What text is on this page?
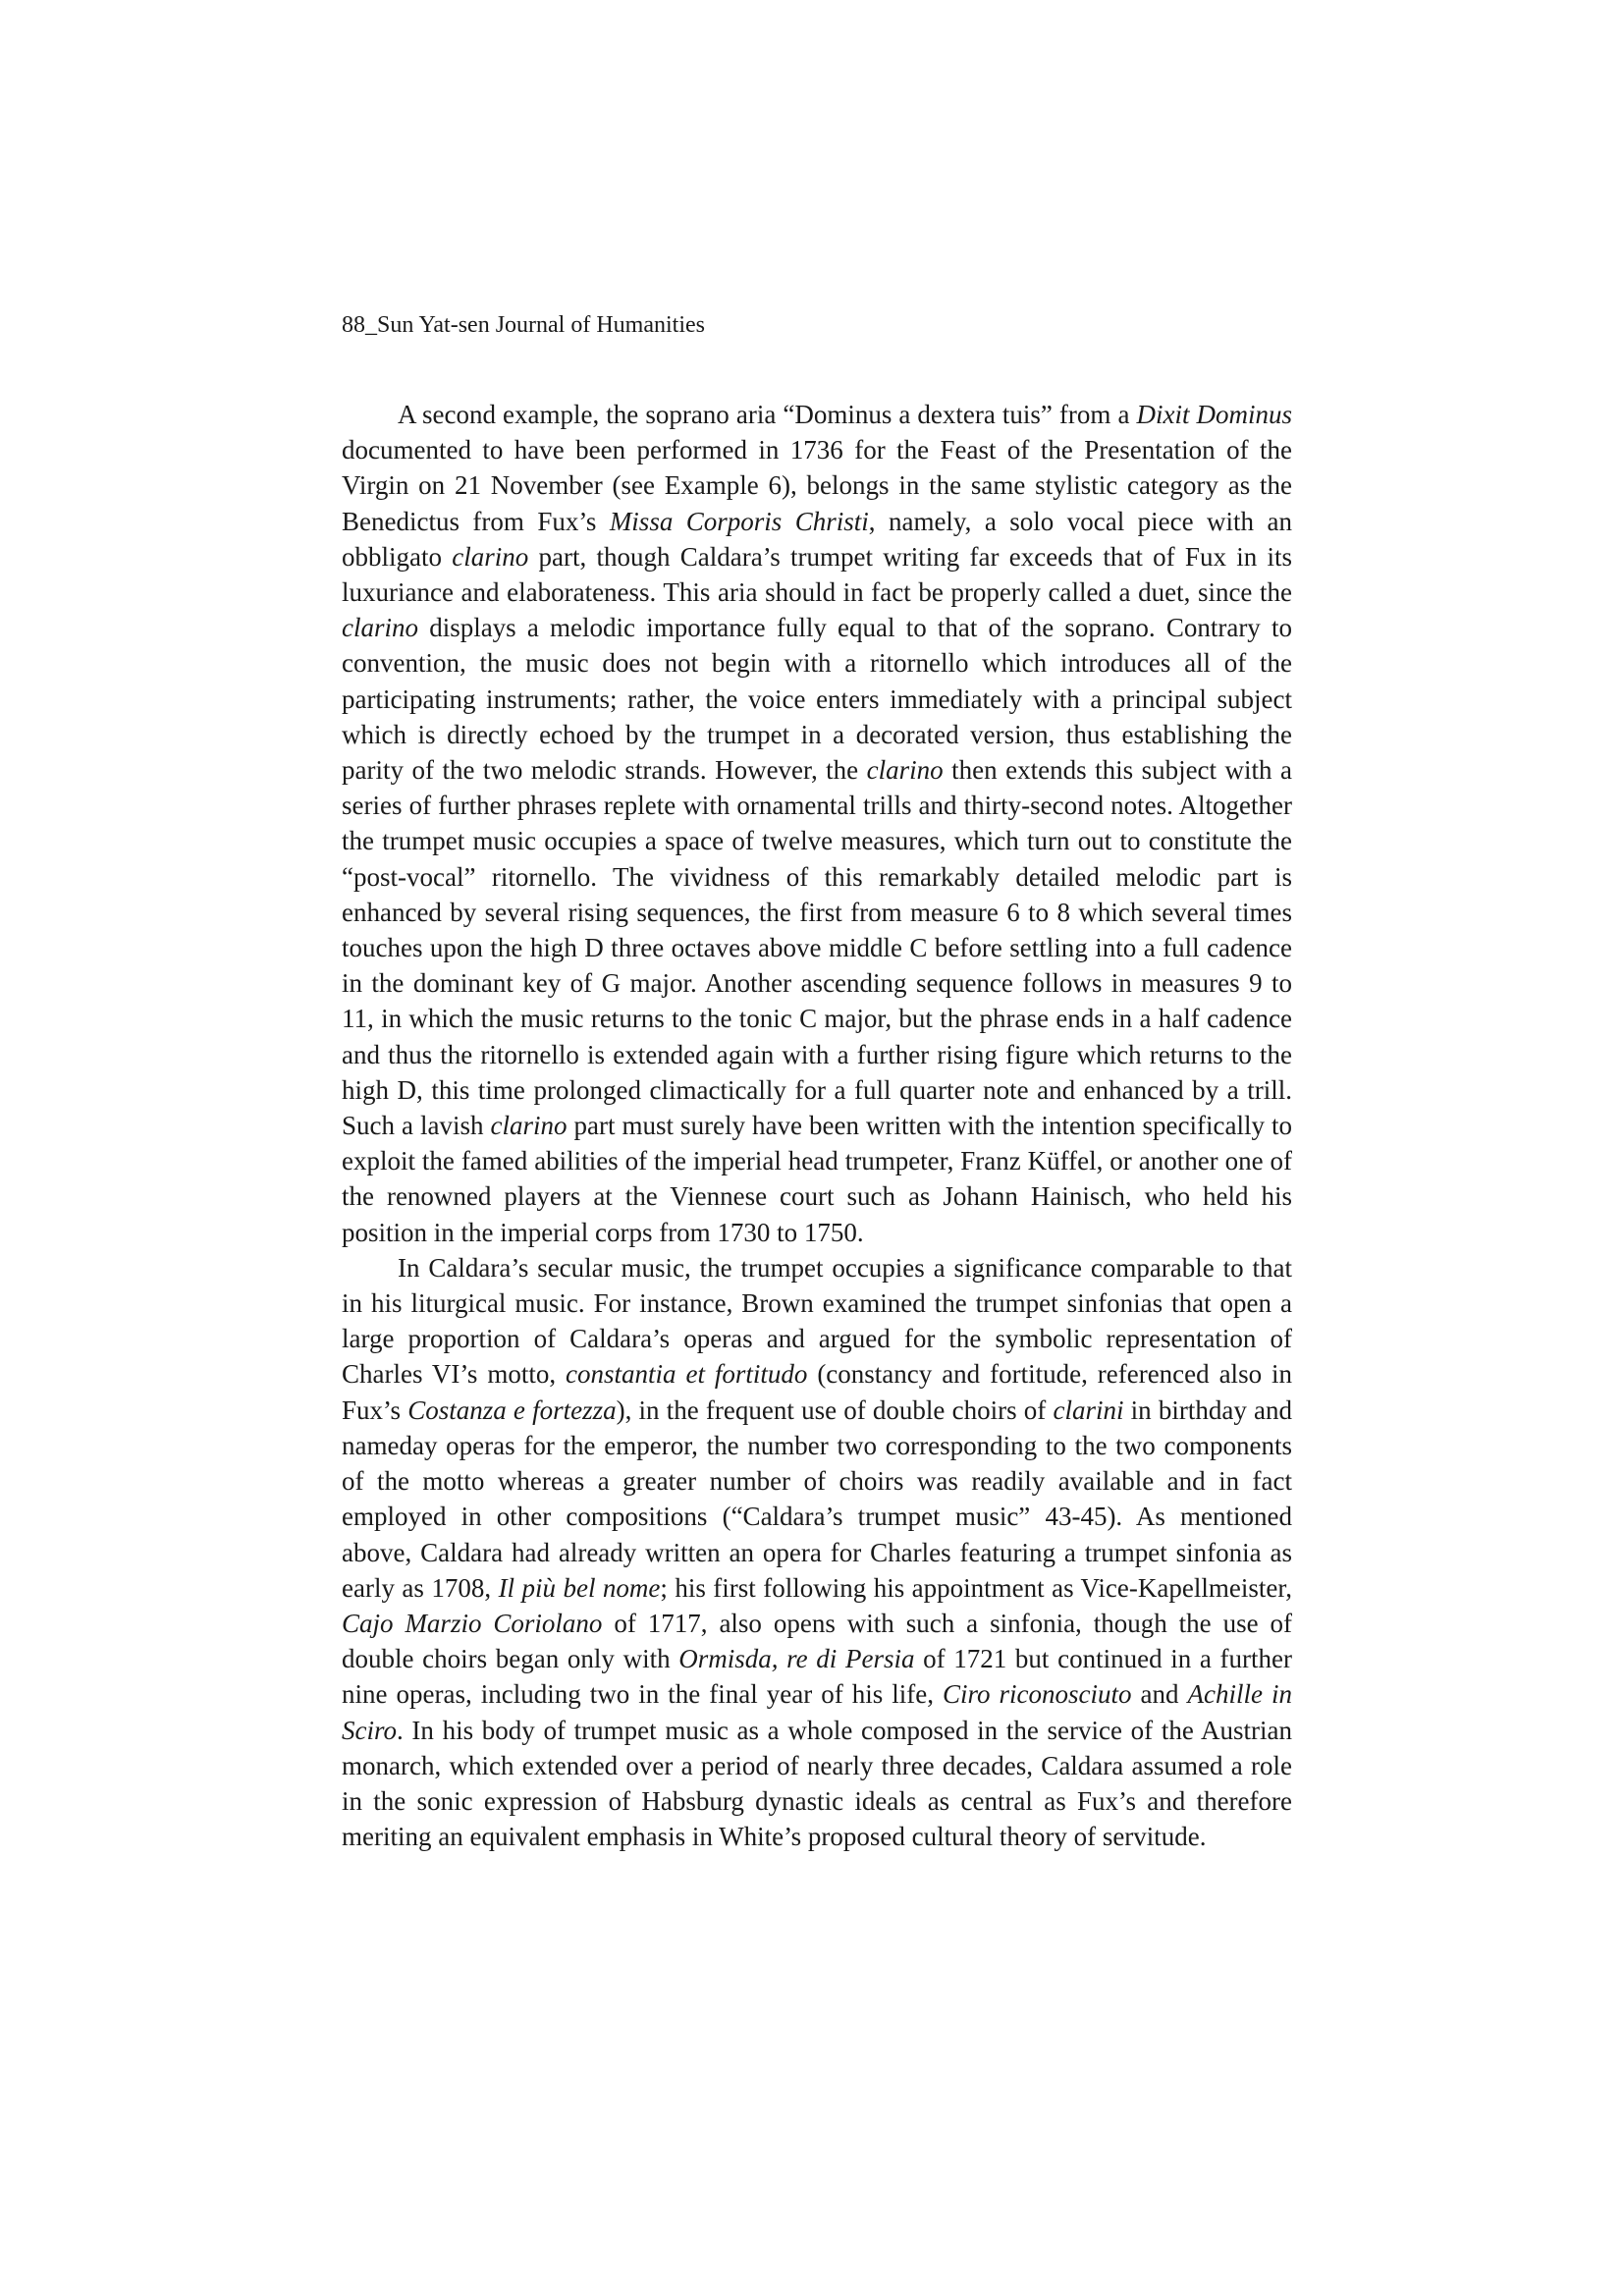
88_Sun Yat-sen Journal of Humanities

A second example, the soprano aria “Dominus a dextera tuis” from a Dixit Dominus documented to have been performed in 1736 for the Feast of the Presentation of the Virgin on 21 November (see Example 6), belongs in the same stylistic category as the Benedictus from Fux’s Missa Corporis Christi, namely, a solo vocal piece with an obbligato clarino part, though Caldara’s trumpet writing far exceeds that of Fux in its luxuriance and elaborateness. This aria should in fact be properly called a duet, since the clarino displays a melodic importance fully equal to that of the soprano. Contrary to convention, the music does not begin with a ritornello which introduces all of the participating instruments; rather, the voice enters immediately with a principal subject which is directly echoed by the trumpet in a decorated version, thus establishing the parity of the two melodic strands. However, the clarino then extends this subject with a series of further phrases replete with ornamental trills and thirty-second notes. Altogether the trumpet music occupies a space of twelve measures, which turn out to constitute the “post-vocal” ritornello. The vividness of this remarkably detailed melodic part is enhanced by several rising sequences, the first from measure 6 to 8 which several times touches upon the high D three octaves above middle C before settling into a full cadence in the dominant key of G major. Another ascending sequence follows in measures 9 to 11, in which the music returns to the tonic C major, but the phrase ends in a half cadence and thus the ritornello is extended again with a further rising figure which returns to the high D, this time prolonged climactically for a full quarter note and enhanced by a trill. Such a lavish clarino part must surely have been written with the intention specifically to exploit the famed abilities of the imperial head trumpeter, Franz Küffel, or another one of the renowned players at the Viennese court such as Johann Hainisch, who held his position in the imperial corps from 1730 to 1750.

In Caldara’s secular music, the trumpet occupies a significance comparable to that in his liturgical music. For instance, Brown examined the trumpet sinfonias that open a large proportion of Caldara’s operas and argued for the symbolic representation of Charles VI’s motto, constantia et fortitudo (constancy and fortitude, referenced also in Fux’s Costanza e fortezza), in the frequent use of double choirs of clarini in birthday and nameday operas for the emperor, the number two corresponding to the two components of the motto whereas a greater number of choirs was readily available and in fact employed in other compositions (“Caldara’s trumpet music” 43-45). As mentioned above, Caldara had already written an opera for Charles featuring a trumpet sinfonia as early as 1708, Il più bel nome; his first following his appointment as Vice-Kapellmeister, Cajo Marzio Coriolano of 1717, also opens with such a sinfonia, though the use of double choirs began only with Ormisda, re di Persia of 1721 but continued in a further nine operas, including two in the final year of his life, Ciro riconosciuto and Achille in Sciro. In his body of trumpet music as a whole composed in the service of the Austrian monarch, which extended over a period of nearly three decades, Caldara assumed a role in the sonic expression of Habsburg dynastic ideals as central as Fux’s and therefore meriting an equivalent emphasis in White’s proposed cultural theory of servitude.
